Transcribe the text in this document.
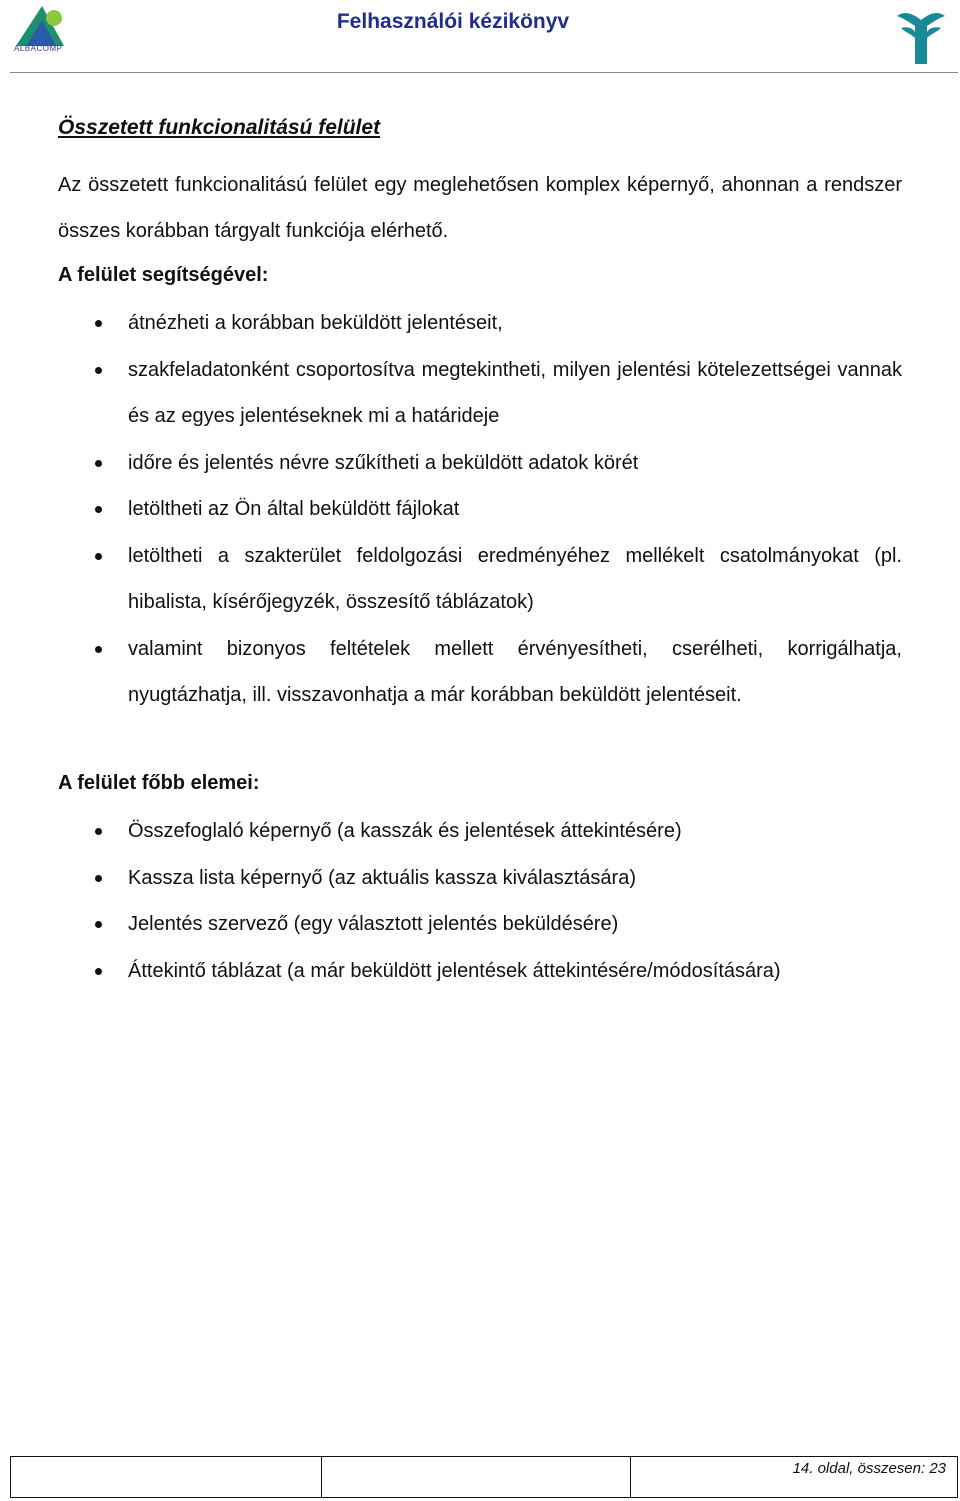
ALBACOMP
Felhasználói kézikönyv
Összetett funkcionalitású felület
Az összetett funkcionalitású felület egy meglehetősen komplex képernyő, ahonnan a rendszer összes korábban tárgyalt funkciója elérhető.
A felület segítségével:
átnézheti a korábban beküldött jelentéseit,
szakfeladatonként csoportosítva megtekintheti, milyen jelentési kötelezettségei vannak és az egyes jelentéseknek mi a határideje
időre és jelentés névre szűkítheti a beküldött adatok körét
letöltheti az Ön által beküldött fájlokat
letöltheti a szakterület feldolgozási eredményéhez mellékelt csatolmányokat (pl. hibalista, kísérőjegyzék, összesítő táblázatok)
valamint bizonyos feltételek mellett érvényesítheti, cserélheti, korrigálhatja, nyugtázhatja, ill. visszavonhatja a már korábban beküldött jelentéseit.
A felület főbb elemei:
Összefoglaló képernyő (a kasszák és jelentések áttekintésére)
Kassza lista képernyő (az aktuális kassza kiválasztására)
Jelentés szervező (egy választott jelentés beküldésére)
Áttekintő táblázat (a már beküldött jelentések áttekintésére/módosítására)

14. oldal, összesen: 23
